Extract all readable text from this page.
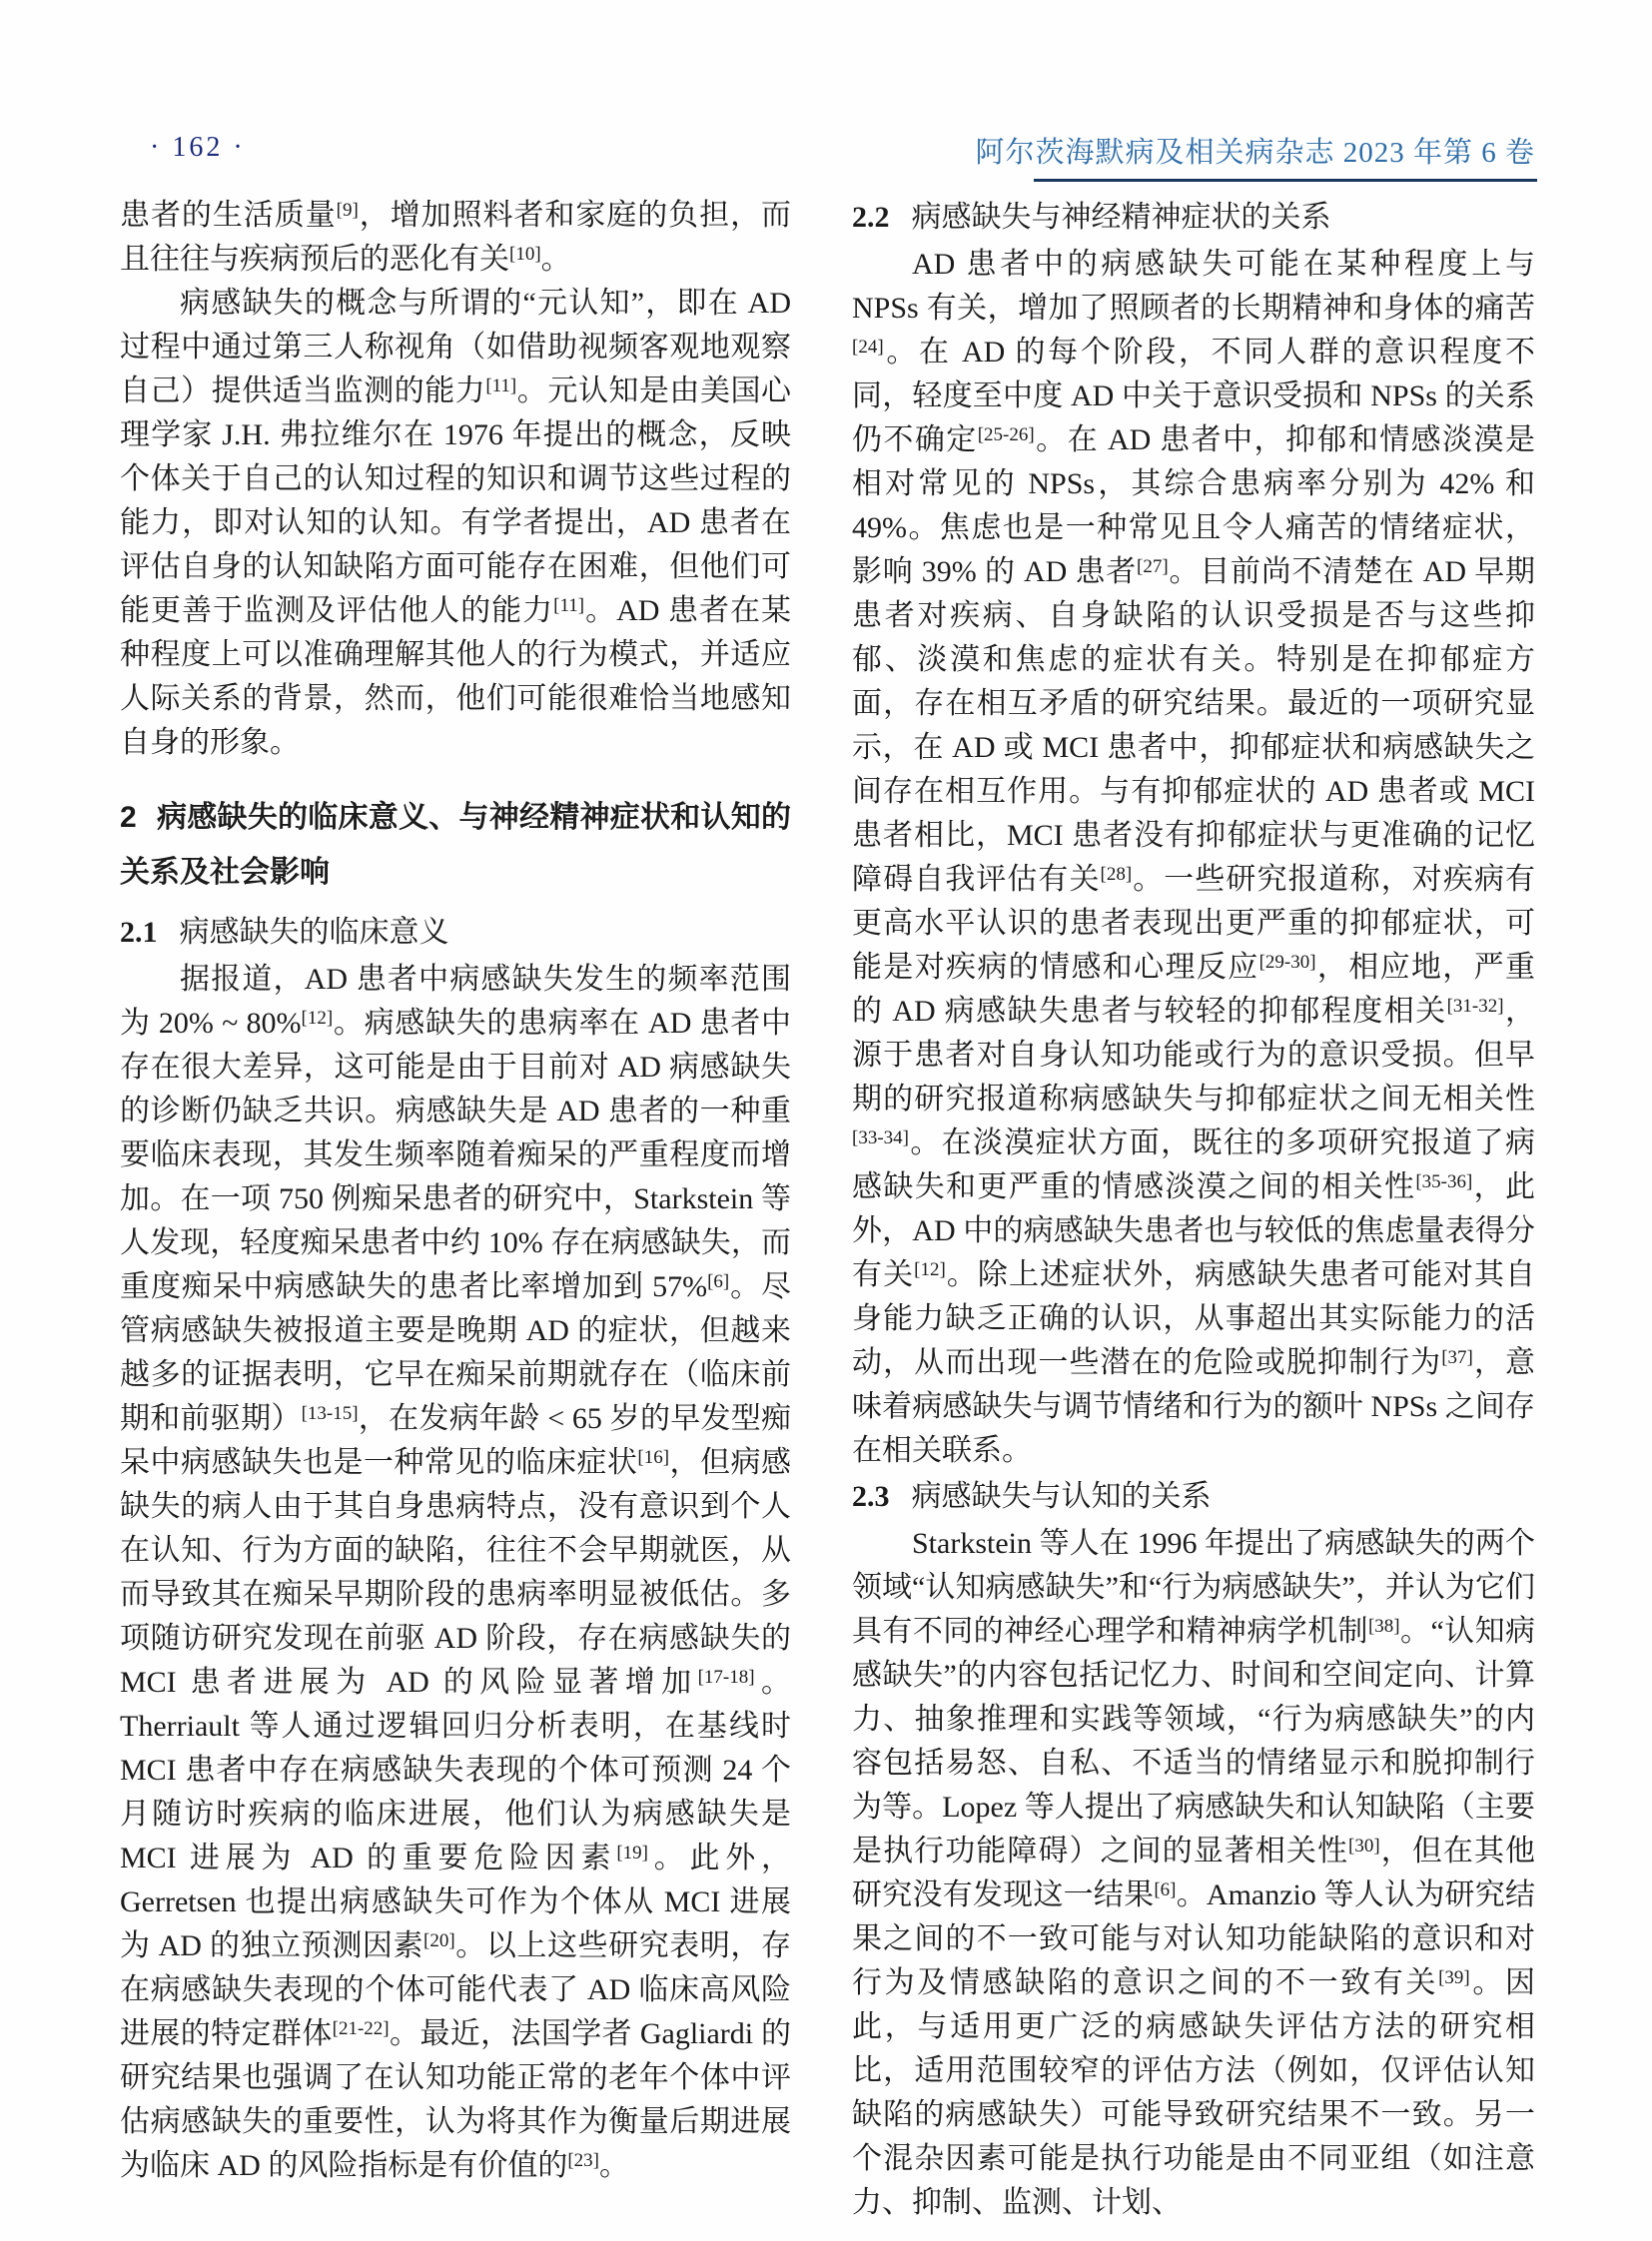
· 162 ·	阿尔茨海默病及相关病杂志 2023 年第 6 卷
患者的生活质量[9]，增加照料者和家庭的负担，而且往往与疾病预后的恶化有关[10]。
病感缺失的概念与所谓的“元认知”，即在 AD 过程中通过第三人称视角（如借助视频客观地观察自己）提供适当监测的能力[11]。元认知是由美国心理学家 J.H. 弗拉维尔在 1976 年提出的概念，反映个体关于自己的认知过程的知识和调节这些过程的能力，即对认知的认知。有学者提出，AD 患者在评估自身的认知缺陷方面可能存在困难，但他们可能更善于监测及评估他人的能力[11]。AD 患者在某种程度上可以准确理解其他人的行为模式，并适应人际关系的背景，然而，他们可能很难恰当地感知自身的形象。
2 病感缺失的临床意义、与神经精神症状和认知的关系及社会影响
2.1 病感缺失的临床意义
据报道，AD 患者中病感缺失发生的频率范围为 20% ~ 80%[12]。病感缺失的患病率在 AD 患者中存在很大差异，这可能是由于目前对 AD 病感缺失的诊断仍缺乏共识。病感缺失是 AD 患者的一种重要临床表现，其发生频率随着痴呆的严重程度而增加。在一项 750 例痴呆患者的研究中，Starkstein 等人发现，轻度痴呆患者中约 10% 存在病感缺失，而重度痴呆中病感缺失的患者比率增加到 57%[6]。尽管病感缺失被报道主要是晚期 AD 的症状，但越来越多的证据表明，它早在痴呆前期就存在（临床前期和前驱期）[13-15]，在发病年龄 < 65 岁的早发型痴呆中病感缺失也是一种常见的临床症状[16]，但病感缺失的病人由于其自身患病特点，没有意识到个人在认知、行为方面的缺陷，往往不会早期就医，从而导致其在痴呆早期阶段的患病率明显被低估。多项随访研究发现在前驱 AD 阶段，存在病感缺失的 MCI 患者进展为 AD 的风险显著增加[17-18]。Therriault 等人通过逻辑回归分析表明，在基线时 MCI 患者中存在病感缺失表现的个体可预测 24 个月随访时疾病的临床进展，他们认为病感缺失是 MCI 进展为 AD 的重要危险因素[19]。此外，Gerretsen 也提出病感缺失可作为个体从 MCI 进展为 AD 的独立预测因素[20]。以上这些研究表明，存在病感缺失表现的个体可能代表了 AD 临床高风险进展的特定群体[21-22]。最近，法国学者 Gagliardi 的研究结果也强调了在认知功能正常的老年个体中评估病感缺失的重要性，认为将其作为衡量后期进展为临床 AD 的风险指标是有价值的[23]。
2.2 病感缺失与神经精神症状的关系
AD 患者中的病感缺失可能在某种程度上与 NPSs 有关，增加了照顾者的长期精神和身体的痛苦[24]。在 AD 的每个阶段，不同人群的意识程度不同，轻度至中度 AD 中关于意识受损和 NPSs 的关系仍不确定[25-26]。在 AD 患者中，抑郁和情感淡漠是相对常见的 NPSs，其综合患病率分别为 42% 和 49%。焦虑也是一种常见且令人痛苦的情绪症状，影响 39% 的 AD 患者[27]。目前尚不清楚在 AD 早期患者对疾病、自身缺陷的认识受损是否与这些抑郁、淡漠和焦虑的症状有关。特别是在抑郁症方面，存在相互矛盾的研究结果。最近的一项研究显示，在 AD 或 MCI 患者中，抑郁症状和病感缺失之间存在相互作用。与有抑郁症状的 AD 患者或 MCI 患者相比，MCI 患者没有抑郁症状与更准确的记忆障碍自我评估有关[28]。一些研究报道称，对疾病有更高水平认识的患者表现出更严重的抑郁症状，可能是对疾病的情感和心理反应[29-30]，相应地，严重的 AD 病感缺失患者与较轻的抑郁程度相关[31-32]，源于患者对自身认知功能或行为的意识受损。但早期的研究报道称病感缺失与抑郁症状之间无相关性[33-34]。在淡漠症状方面，既往的多项研究报道了病感缺失和更严重的情感淡漠之间的相关性[35-36]，此外，AD 中的病感缺失患者也与较低的焦虑量表得分有关[12]。除上述症状外，病感缺失患者可能对其自身能力缺乏正确的认识，从事超出其实际能力的活动，从而出现一些潜在的危险或脱抑制行为[37]，意味着病感缺失与调节情绪和行为的额叶 NPSs 之间存在相关联系。
2.3 病感缺失与认知的关系
Starkstein 等人在 1996 年提出了病感缺失的两个领域“认知病感缺失”和“行为病感缺失”，并认为它们具有不同的神经心理学和精神病学机制[38]。“认知病感缺失”的内容包括记忆力、时间和空间定向、计算力、抽象推理和实践等领域，“行为病感缺失”的内容包括易怒、自私、不适当的情绪显示和脱抑制行为等。Lopez 等人提出了病感缺失和认知缺陷（主要是执行功能障碍）之间的显著相关性[30]，但在其他研究没有发现这一结果[6]。Amanzio 等人认为研究结果之间的不一致可能与对认知功能缺陷的意识和对行为及情感缺陷的意识之间的不一致有关[39]。因此，与适用更广泛的病感缺失评估方法的研究相比，适用范围较窄的评估方法（例如，仅评估认知缺陷的病感缺失）可能导致研究结果不一致。另一个混杂因素可能是执行功能是由不同亚组（如注意力、抑制、监测、计划、
